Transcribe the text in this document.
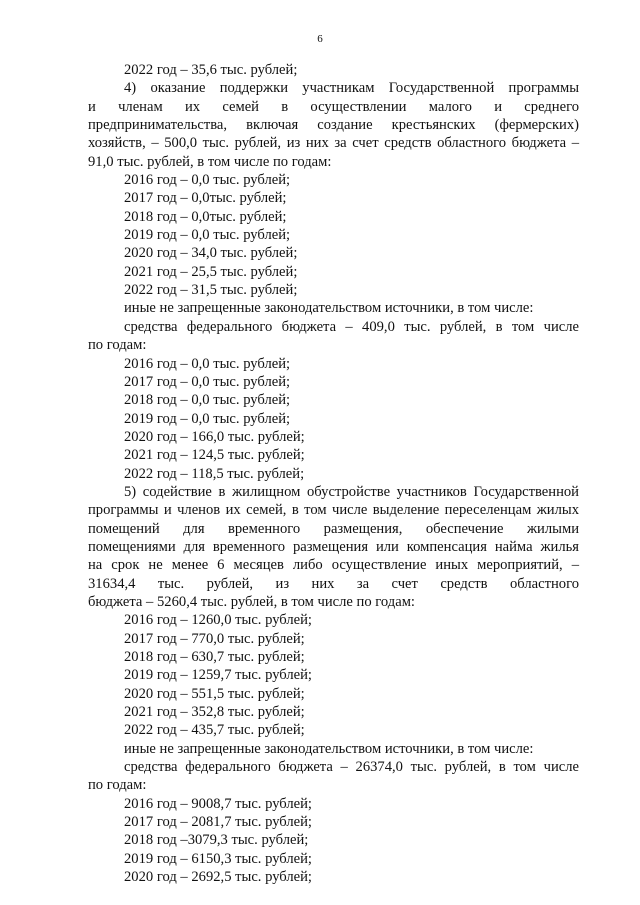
6
2022 год – 35,6 тыс. рублей;
4) оказание поддержки участникам Государственной программы
и членам их семей в осуществлении малого и среднего
предпринимательства, включая создание крестьянских (фермерских)
хозяйств, – 500,0 тыс. рублей, из них за счет средств областного бюджета –
91,0 тыс. рублей, в том числе по годам:
2016 год – 0,0 тыс. рублей;
2017 год – 0,0тыс. рублей;
2018 год – 0,0тыс. рублей;
2019 год – 0,0 тыс. рублей;
2020 год – 34,0 тыс. рублей;
2021 год – 25,5 тыс. рублей;
2022 год – 31,5 тыс. рублей;
иные не запрещенные законодательством источники, в том числе:
средства федерального бюджета – 409,0 тыс. рублей, в том числе
по годам:
2016 год – 0,0 тыс. рублей;
2017 год – 0,0 тыс. рублей;
2018 год – 0,0 тыс. рублей;
2019 год – 0,0 тыс. рублей;
2020 год – 166,0 тыс. рублей;
2021 год – 124,5 тыс. рублей;
2022 год – 118,5 тыс. рублей;
5) содействие в жилищном обустройстве участников Государственной
программы и членов их семей, в том числе выделение переселенцам жилых
помещений для временного размещения, обеспечение жилыми
помещениями для временного размещения или компенсация найма жилья
на срок не менее 6 месяцев либо осуществление иных мероприятий, –
31634,4 тыс. рублей, из них за счет средств областного
бюджета – 5260,4 тыс. рублей, в том числе по годам:
2016 год – 1260,0 тыс. рублей;
2017 год – 770,0 тыс. рублей;
2018 год – 630,7 тыс. рублей;
2019 год – 1259,7 тыс. рублей;
2020 год – 551,5 тыс. рублей;
2021 год – 352,8 тыс. рублей;
2022 год – 435,7 тыс. рублей;
иные не запрещенные законодательством источники, в том числе:
средства федерального бюджета – 26374,0 тыс. рублей, в том числе
по годам:
2016 год – 9008,7 тыс. рублей;
2017 год – 2081,7 тыс. рублей;
2018 год –3079,3 тыс. рублей;
2019 год – 6150,3 тыс. рублей;
2020 год – 2692,5 тыс. рублей;
